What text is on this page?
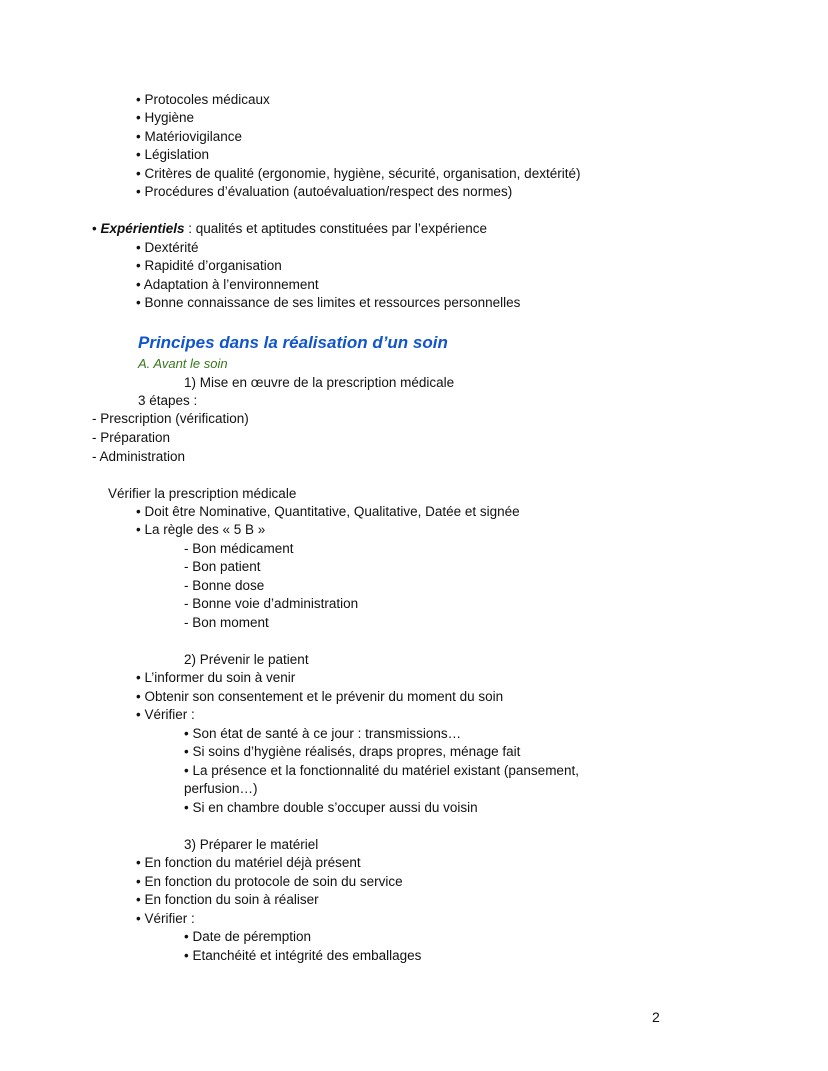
• Protocoles médicaux
• Hygiène
• Matériovigilance
• Législation
• Critères de qualité (ergonomie, hygiène, sécurité, organisation, dextérité)
• Procédures d’évaluation (autoévaluation/respect des normes)
• Expérientiels : qualités et aptitudes constituées par l’expérience
• Dextérité
• Rapidité d’organisation
• Adaptation à l’environnement
• Bonne connaissance de ses limites et ressources personnelles
Principes dans la réalisation d’un soin
A. Avant le soin
1) Mise en œuvre de la prescription médicale
3 étapes :
- Prescription (vérification)
- Préparation
- Administration
Vérifier la prescription médicale
• Doit être Nominative, Quantitative, Qualitative, Datée et signée
• La règle des « 5 B »
- Bon médicament
- Bon patient
- Bonne dose
- Bonne voie d’administration
- Bon moment
2) Prévenir le patient
• L’informer du soin à venir
• Obtenir son consentement et le prévenir du moment du soin
• Vérifier :
• Son état de santé à ce jour : transmissions…
• Si soins d’hygiène réalisés, draps propres, ménage fait
• La présence et la fonctionnalité du matériel existant (pansement,
perfusion…)
• Si en chambre double s’occuper aussi du voisin
3) Préparer le matériel
• En fonction du matériel déjà présent
• En fonction du protocole de soin du service
• En fonction du soin à réaliser
• Vérifier :
• Date de péremption
• Etanchéité et intégrité des emballages
2
